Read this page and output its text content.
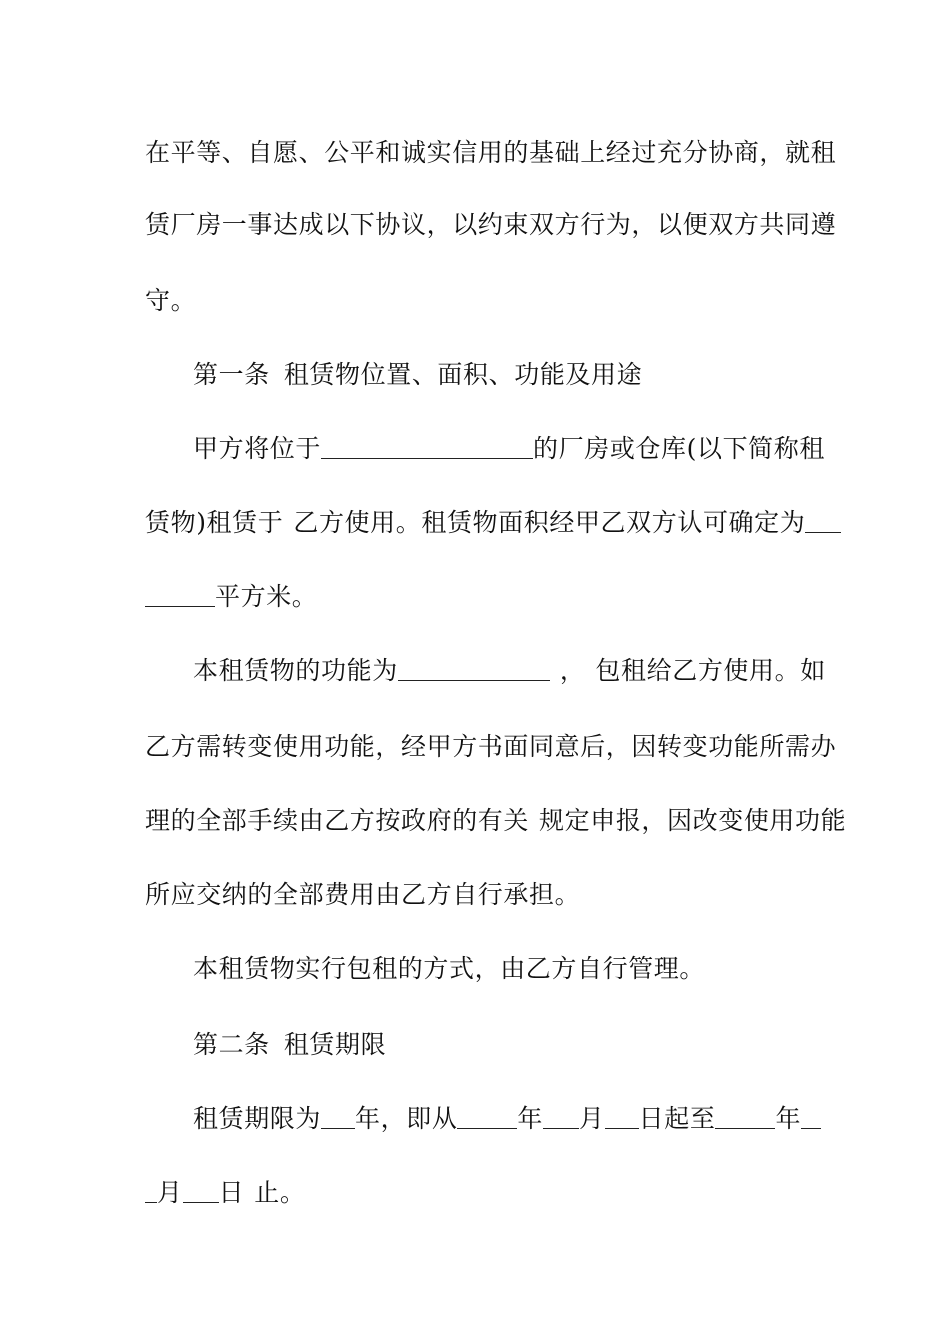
在平等、自愿、公平和诚实信用的基础上经过充分协商，就租
赁厂房一事达成以下协议，以约束双方行为，以便双方共同遵
守。
第一条 租赁物位置、面积、功能及用途
甲方将位于	的厂房或仓库(以下简称租
赁物)租赁于 乙方使用。租赁物面积经甲乙双方认可确定为
平方米。
本租赁物的功能为	， 包租给乙方使用。如
乙方需转变使用功能，经甲方书面同意后，因转变功能所需办
理的全部手续由乙方按政府的有关 规定申报，因改变使用功能
所应交纳的全部费用由乙方自行承担。
本租赁物实行包租的方式，由乙方自行管理。
第二条 租赁期限
租赁期限为 年，即从 年 月 日起至 年
月 日 止。
